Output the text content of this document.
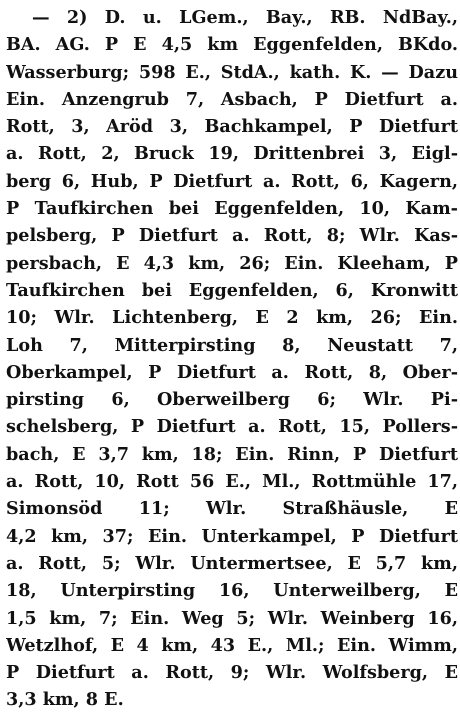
— 2) D. u. LGem., Bay., RB. NdBay.,
BA. AG. P E 4,5 km Eggenfelden, BKdo.
Wasserburg; 598 E., StdA., kath. K. — Dazu
Ein. Anzengrub 7, Asbach, P Dietfurt a.
Rott, 3, Aröd 3, Bachkampel, P Dietfurt
a. Rott, 2, Bruck 19, Drittenbrei 3, Eigl-
berg 6, Hub, P Dietfurt a. Rott, 6, Kagern,
P Taufkirchen bei Eggenfelden, 10, Kam-
pelsberg, P Dietfurt a. Rott, 8; Wlr. Kas-
persbach, E 4,3 km, 26; Ein. Kleeham, P
Taufkirchen bei Eggenfelden, 6, Kronwitt
10; Wlr. Lichtenberg, E 2 km, 26; Ein.
Loh 7, Mitterpirsting 8, Neustatt 7,
Oberkampel, P Dietfurt a. Rott, 8, Ober-
pirsting 6, Oberweilberg 6; Wlr. Pi-
schelsberg, P Dietfurt a. Rott, 15, Pollers-
bach, E 3,7 km, 18; Ein. Rinn, P Dietfurt
a. Rott, 10, Rott 56 E., Ml., Rottmühle 17,
Simonsöd 11; Wlr. Straßhäusle, E
4,2 km, 37; Ein. Unterkampel, P Dietfurt
a. Rott, 5; Wlr. Untermertsee, E 5,7 km,
18, Unterpirsting 16, Unterweilberg, E
1,5 km, 7; Ein. Weg 5; Wlr. Weinberg 16,
Wetzlhof, E 4 km, 43 E., Ml.; Ein. Wimm,
P Dietfurt a. Rott, 9; Wlr. Wolfsberg, E
3,3 km, 8 E.
